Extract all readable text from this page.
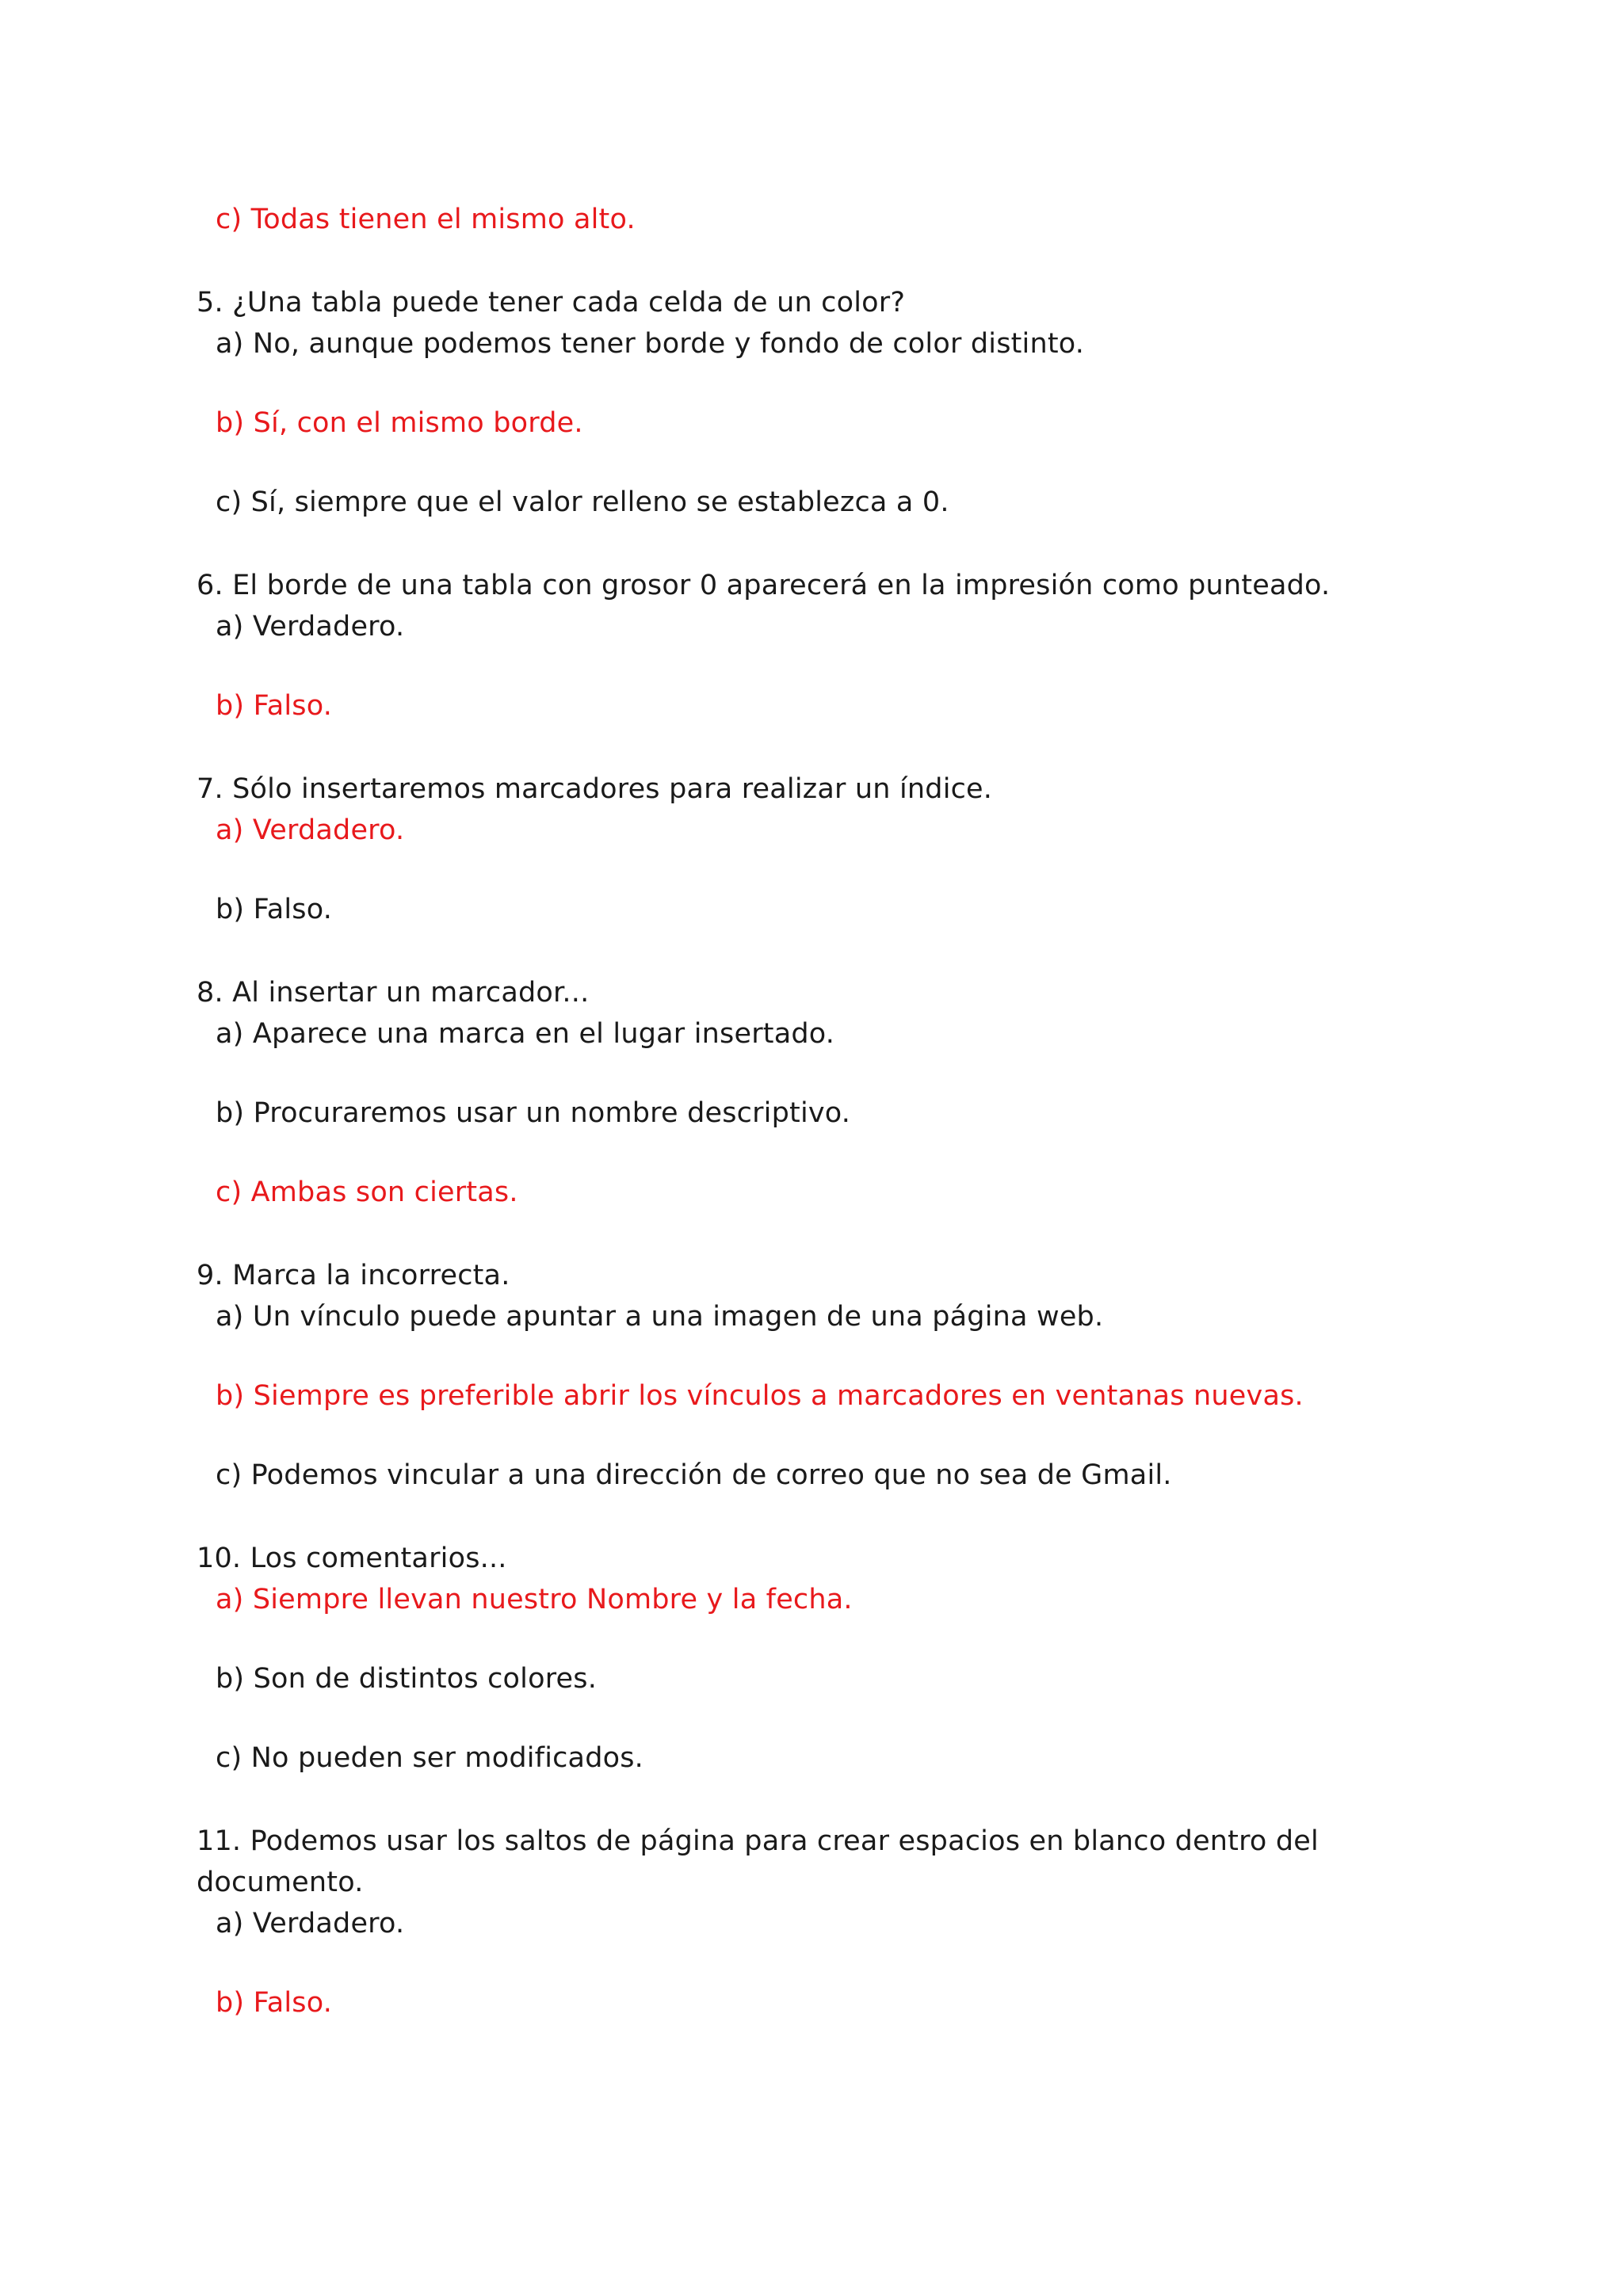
c) Todas tienen el mismo alto.
5. ¿Una tabla puede tener cada celda de un color?
a) No, aunque podemos tener borde y fondo de color distinto.
b) Sí, con el mismo borde.
c) Sí, siempre que el valor relleno se establezca a 0.
6. El borde de una tabla con grosor 0 aparecerá en la impresión como punteado.
a) Verdadero.
b) Falso.
7. Sólo insertaremos marcadores para realizar un índice.
a) Verdadero.
b) Falso.
8. Al insertar un marcador...
a) Aparece una marca en el lugar insertado.
b) Procuraremos usar un nombre descriptivo.
c) Ambas son ciertas.
9. Marca la incorrecta.
a) Un vínculo puede apuntar a una imagen de una página web.
b) Siempre es preferible abrir los vínculos a marcadores en ventanas nuevas.
c) Podemos vincular a una dirección de correo que no sea de Gmail.
10. Los comentarios...
a) Siempre llevan nuestro Nombre y la fecha.
b) Son de distintos colores.
c) No pueden ser modificados.
11. Podemos usar los saltos de página para crear espacios en blanco dentro del
documento.
a) Verdadero.
b) Falso.
